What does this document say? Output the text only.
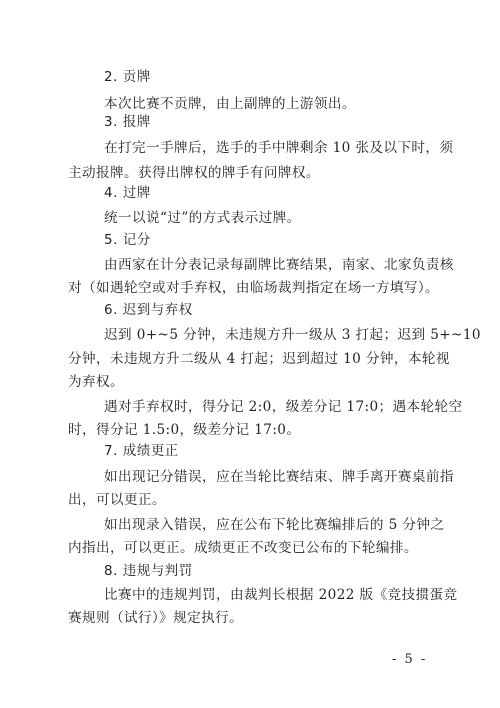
2. 贡牌
本次比赛不贡牌，由上副牌的上游领出。
3. 报牌
在打完一手牌后，选手的手中牌剩余 10 张及以下时，须
主动报牌。获得出牌权的牌手有问牌权。
4. 过牌
统一以说“过”的方式表示过牌。
5. 记分
由西家在计分表记录每副牌比赛结果，南家、北家负责核
对（如遇轮空或对手弃权，由临场裁判指定在场一方填写）。
6. 迟到与弃权
迟到 0+~5 分钟，未违规方升一级从 3 打起；迟到 5+~10
分钟，未违规方升二级从 4 打起；迟到超过 10 分钟，本轮视
为弃权。
遇对手弃权时，得分记 2:0，级差分记 17:0；遇本轮轮空
时，得分记 1.5:0，级差分记 17:0。
7. 成绩更正
如出现记分错误，应在当轮比赛结束、牌手离开赛桌前指
出，可以更正。
如出现录入错误，应在公布下轮比赛编排后的 5 分钟之
内指出，可以更正。成绩更正不改变已公布的下轮编排。
8. 违规与判罚
比赛中的违规判罚，由裁判长根据 2022 版《竞技掼蛋竞
赛规则（试行）》规定执行。
- 5 -
